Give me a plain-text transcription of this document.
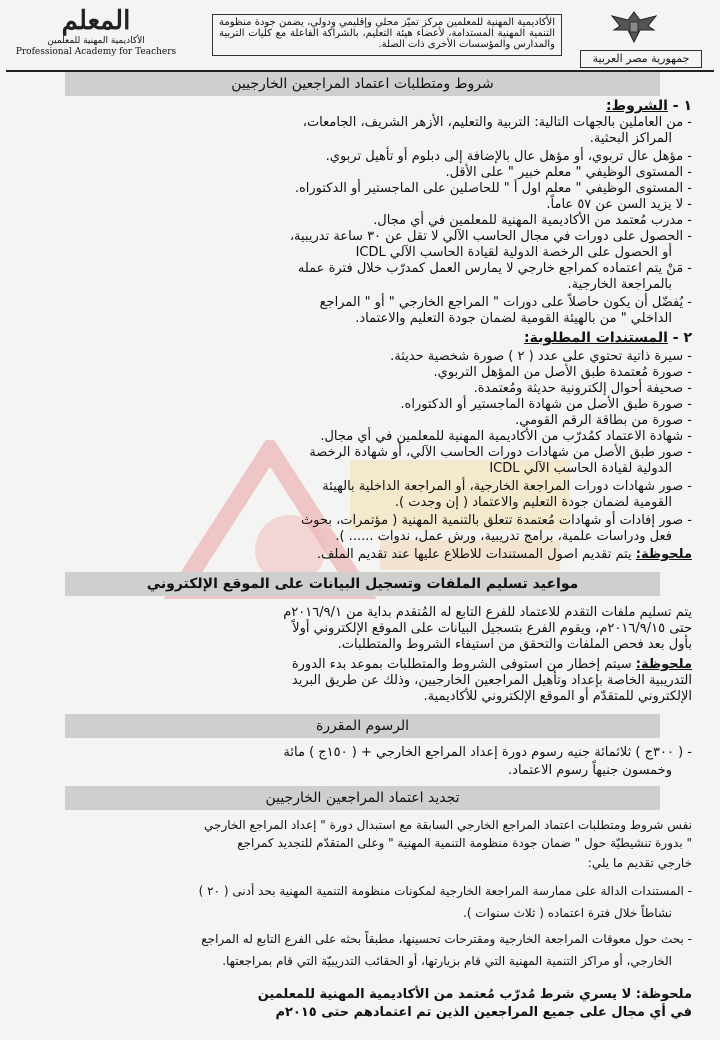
المعلم
الأكاديمية المهنية للمعلمين
Professional Academy for Teachers
الأكاديمية المهنية للمعلمين مركز تميّز محلي وإقليمي ودولي، يضمن جودة منظومة التنمية المهنية المستدامة، لأعضاء هيئة التعليم، بالشراكة الفاعلة مع كليات التربية والمدارس والمؤسسات الأخرى ذات الصلة.
جمهورية مصر العربية
شروط ومتطلبات اعتماد المراجعين الخارجيين
١ - الشروط:
- من العاملين بالجهات التالية: التربية والتعليم، الأزهر الشريف، الجامعات،
المراكز البحثية.
- مؤهل عال تربوي، أو مؤهل عال بالإضافة إلى دبلوم أو تأهيل تربوي.
- المستوى الوظيفي " معلم خبير " على الأقل.
- المستوى الوظيفي " معلم اول أ " للحاصلين على الماجستير أو الدكتوراه.
- لا يزيد السن عن ٥٧ عاماً.
- مدرب مُعتمد من الأكاديمية المهنية للمعلمين في أي مجال.
- الحصول على دورات في مجال الحاسب الآلي لا تقل عن ٣٠ ساعة تدريبية،
أو الحصول على الرخصة الدولية لقيادة الحاسب الآلي ICDL
- مَنْ يتم اعتماده كمراجع خارجي لا يمارس العمل كمدرّب خلال فترة عمله
بالمراجعة الخارجية.
- يُفضّل أن يكون حاصلاً على دورات " المراجع الخارجي " أو " المراجع
الداخلي " من بالهيئة القومية لضمان جودة التعليم والاعتماد.
٢ - المستندات المطلوبة:
- سيرة ذاتية تحتوي على عدد ( ٢ ) صورة شخصية حديثة.
- صورة مُعتمدة طبق الأصل من المؤهل التربوي.
- صحيفة أحوال إلكترونية حديثة ومُعتمدة.
- صورة طبق الأصل من شهادة الماجستير أو الدكتوراه.
- صورة من بطاقة الرقم القومي.
- شهادة الاعتماد كمُدرّب من الأكاديمية المهنية للمعلمين في أي مجال.
- صور طبق الأصل من شهادات دورات الحاسب الآلي، أو شهادة الرخصة
الدولية لقيادة الحاسب الآلي ICDL
- صور شهادات دورات المراجعة الخارجية، أو المراجعة الداخلية بالهيئة
القومية لضمان جودة التعليم والاعتماد ( إن وجدت ).
- صور إفادات أو شهادات مُعتمدة تتعلق بالتنمية المهنية ( مؤتمرات، بحوث
فعل ودراسات علمية، برامج تدريبية، ورش عمل، ندوات ...... ).
ملحوظة: يتم تقديم اصول المستندات للاطلاع عليها عند تقديم الملف.
مواعيد تسليم الملفات وتسجيل البيانات على الموقع الإلكتروني
يتم تسليم ملفات التقدم للاعتماد للفرع التابع له المُتقدم بداية من ٢٠١٦/٩/١م
حتى ٢٠١٦/٩/١٥م، ويقوم الفرع بتسجيل البيانات على الموقع الإلكتروني أولاً
بأول بعد فحص الملفات والتحقق من استيفاء الشروط والمتطلبات.
ملحوظة: سيتم إخطار من استوفى الشروط والمتطلبات بموعد بدء الدورة
التدريبية الخاصة بإعداد وتأهيل المراجعين الخارجيين، وذلك عن طريق البريد
الإلكتروني للمتقدّم أو الموقع الإلكتروني للأكاديمية.
الرسوم المقررة
- ( ٣٠٠ج ) ثلاثمائة جنيه رسوم دورة إعداد المراجع الخارجي + ( ١٥٠ج ) مائة
وخمسون جنيهاً رسوم الاعتماد.
تجديد اعتماد المراجعين الخارجيين
نفس شروط ومتطلبات اعتماد المراجع الخارجي السابقة مع استبدال دورة " إعداد المراجع الخارجي
" بدورة تنشيطيّة حول " ضمان جودة منظومة التنمية المهنية " وعلى المتقدّم للتجديد كمراجع
خارجي تقديم ما يلي:
- المستندات الدالة على ممارسة المراجعة الخارجية لمكونات منظومة التنمية المهنية بحد أدنى ( ٢٠ )
نشاطاً خلال فترة اعتماده ( ثلاث سنوات ).
- بحث حول معوقات المراجعة الخارجية ومقترحات تحسينها، مطبقاً بحثه على الفرع التابع له المراجع
الخارجي، أو مراكز التنمية المهنية التي قام بزيارتها، أو الحقائب التدريبيّة التي قام بمراجعتها.
ملحوظة: لا يسري شرط مُدرّب مُعتمد من الأكاديمية المهنية للمعلمين
في أي مجال على جميع المراجعين الذين تم اعتمادهم حتى ٢٠١٥م
